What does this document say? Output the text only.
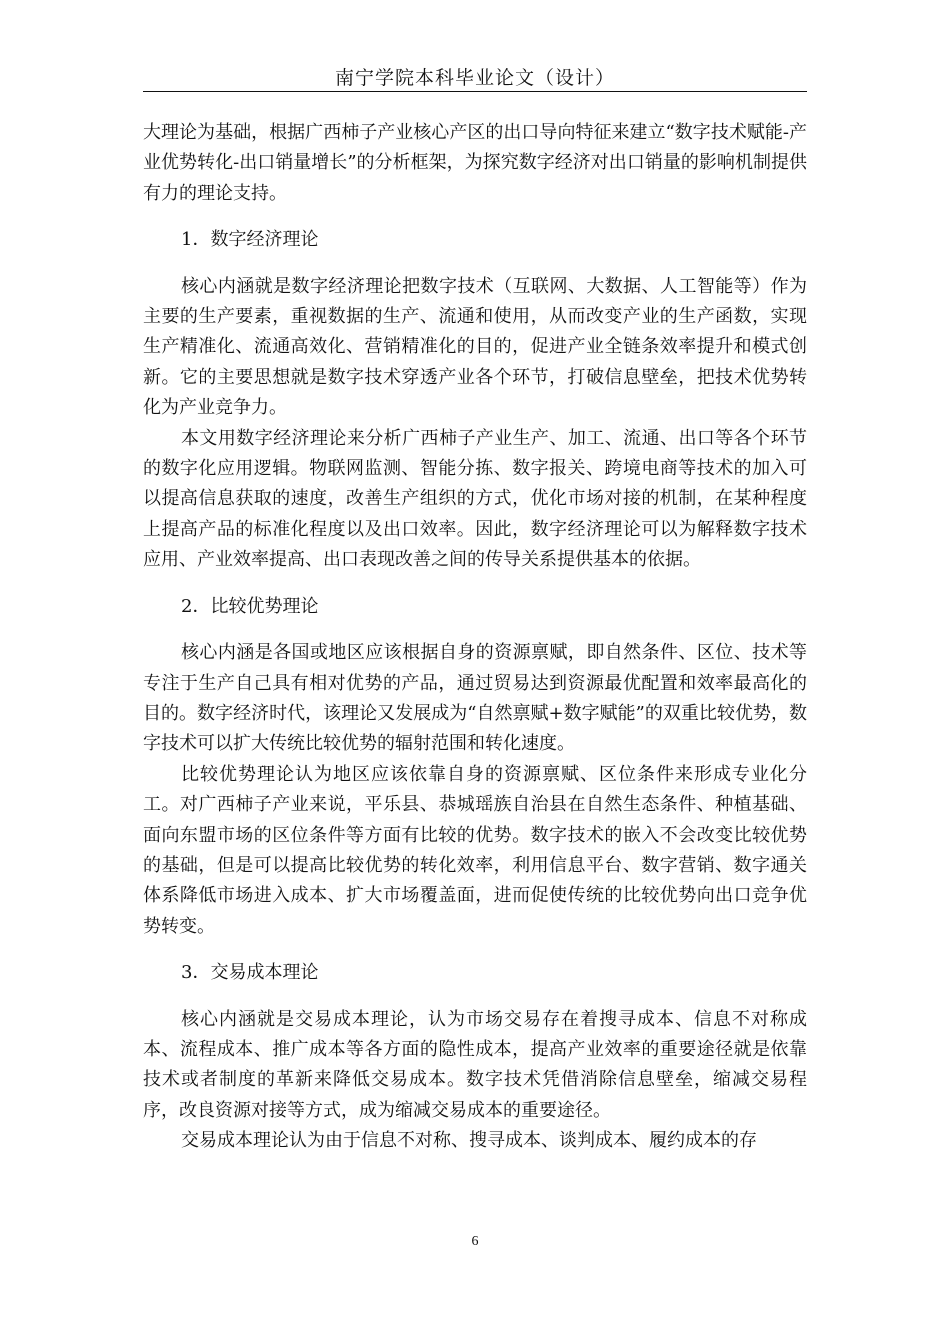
南宁学院本科毕业论文（设计）

大理论为基础，根据广西柿子产业核心产区的出口导向特征来建立“数字技术赋能-产业优势转化-出口销量增长”的分析框架，为探究数字经济对出口销量的影响机制提供有力的理论支持。

1．数字经济理论

核心内涵就是数字经济理论把数字技术（互联网、大数据、人工智能等）作为主要的生产要素，重视数据的生产、流通和使用，从而改变产业的生产函数，实现生产精准化、流通高效化、营销精准化的目的，促进产业全链条效率提升和模式创新。它的主要思想就是数字技术穿透产业各个环节，打破信息壁垒，把技术优势转化为产业竞争力。

本文用数字经济理论来分析广西柿子产业生产、加工、流通、出口等各个环节的数字化应用逻辑。物联网监测、智能分拣、数字报关、跨境电商等技术的加入可以提高信息获取的速度，改善生产组织的方式，优化市场对接的机制，在某种程度上提高产品的标准化程度以及出口效率。因此，数字经济理论可以为解释数字技术应用、产业效率提高、出口表现改善之间的传导关系提供基本的依据。

2．比较优势理论

核心内涵是各国或地区应该根据自身的资源禀赋，即自然条件、区位、技术等专注于生产自己具有相对优势的产品，通过贸易达到资源最优配置和效率最高化的目的。数字经济时代，该理论又发展成为“自然禀赋+数字赋能”的双重比较优势，数字技术可以扩大传统比较优势的辐射范围和转化速度。

比较优势理论认为地区应该依靠自身的资源禀赋、区位条件来形成专业化分工。对广西柿子产业来说，平乐县、恭城瑶族自治县在自然生态条件、种植基础、面向东盟市场的区位条件等方面有比较的优势。数字技术的嵌入不会改变比较优势的基础，但是可以提高比较优势的转化效率，利用信息平台、数字营销、数字通关体系降低市场进入成本、扩大市场覆盖面，进而促使传统的比较优势向出口竞争优势转变。

3．交易成本理论

核心内涵就是交易成本理论，认为市场交易存在着搜寻成本、信息不对称成本、流程成本、推广成本等各方面的隐性成本，提高产业效率的重要途径就是依靠技术或者制度的革新来降低交易成本。数字技术凭借消除信息壁垒，缩减交易程序，改良资源对接等方式，成为缩减交易成本的重要途径。

交易成本理论认为由于信息不对称、搜寻成本、谈判成本、履约成本的存

6
